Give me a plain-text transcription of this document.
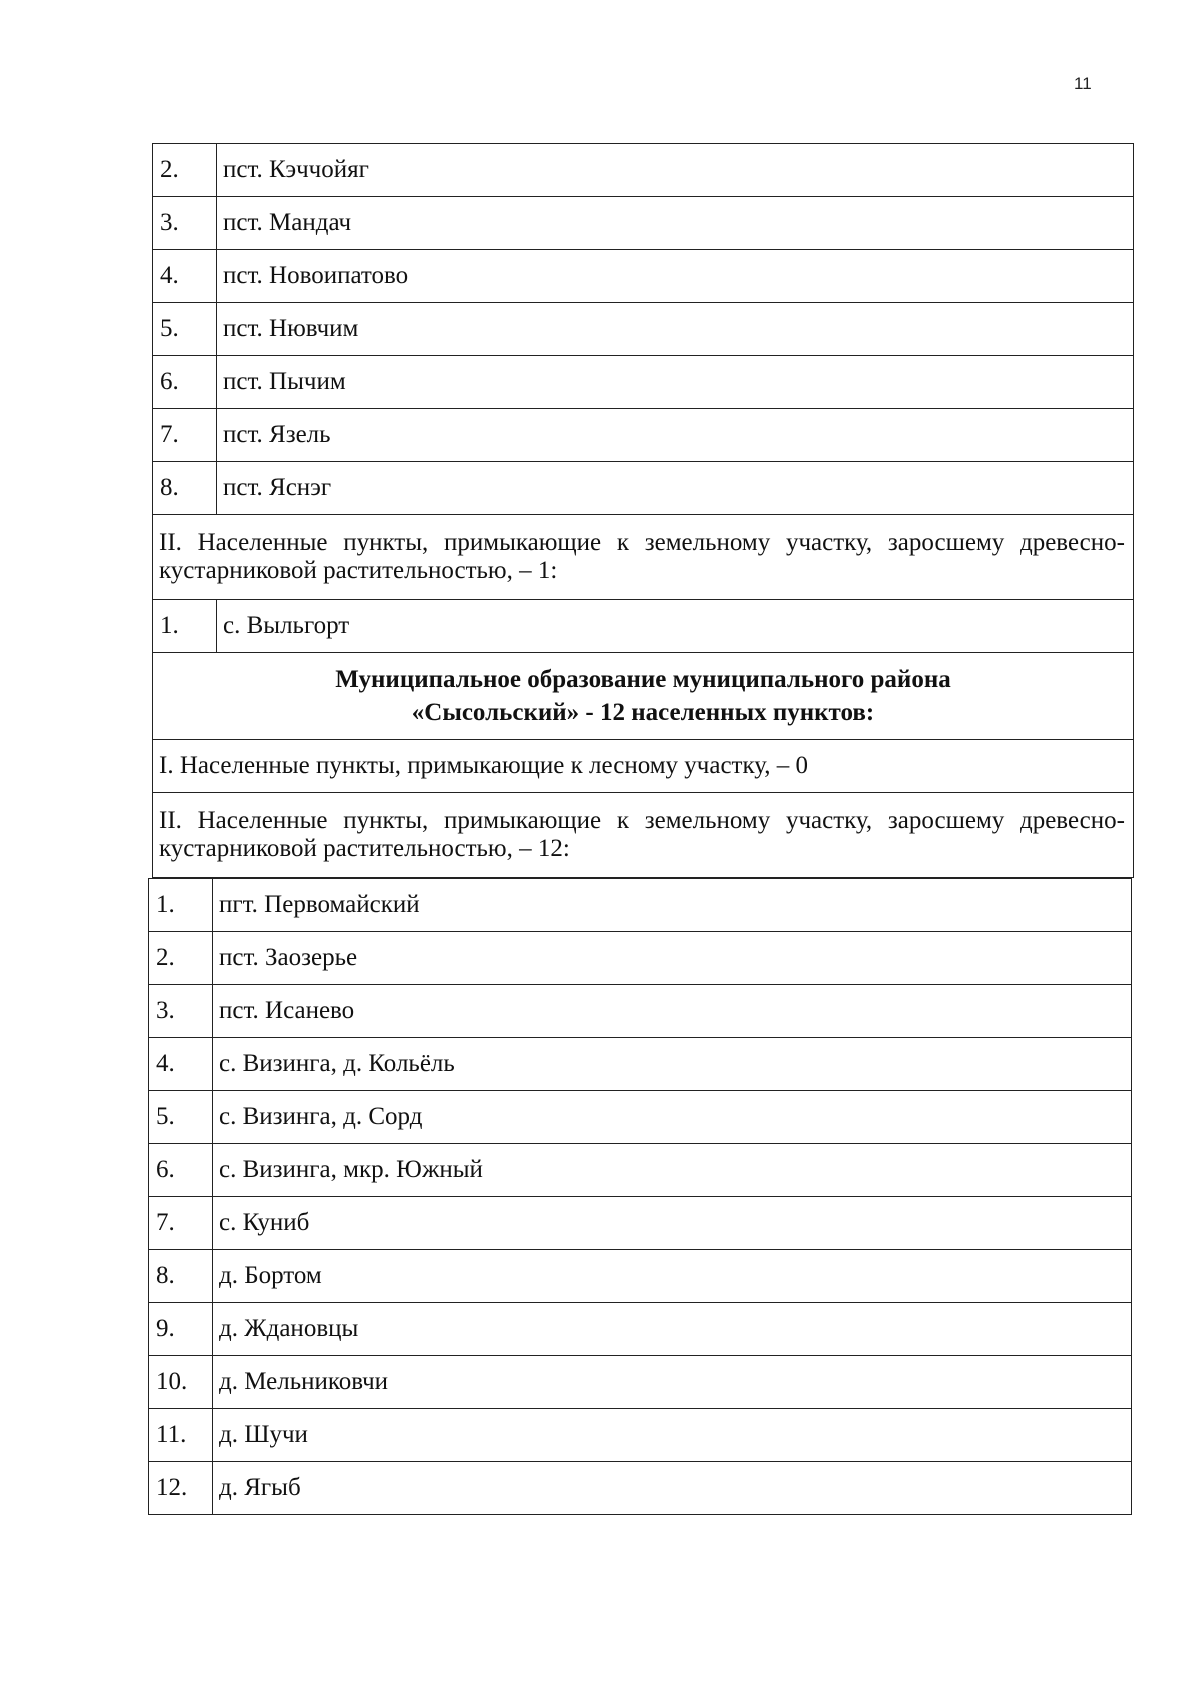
11
2.	пст. Кэччойяг
3.	пст. Мандач
4.	пст. Новоипатово
5.	пст. Нювчим
6.	пст. Пычим
7.	пст. Язель
8.	пст. Яснэг
II. Населенные пункты, примыкающие к земельному участку, заросшему древесно-кустарниковой растительностью, – 1:	
1.	с. Выльгорт

Муниципальное образование муниципального района
«Сысольский» - 12 населенных пунктов:	

I. Населенные пункты, примыкающие к лесному участку, – 0	
II. Населенные пункты, примыкающие к земельному участку, заросшему древесно-кустарниковой растительностью, – 12:	
1.	пгт. Первомайский
2.	пст. Заозерье
3.	пст. Исанево
4.	с. Визинга, д. Кольёль
5.	с. Визинга, д. Сорд
6.	с. Визинга, мкр. Южный
7.	с. Куниб
8.	д. Бортом
9.	д. Ждановцы
10.	д. Мельниковчи
11.	д. Шучи
12.	д. Ягыб
